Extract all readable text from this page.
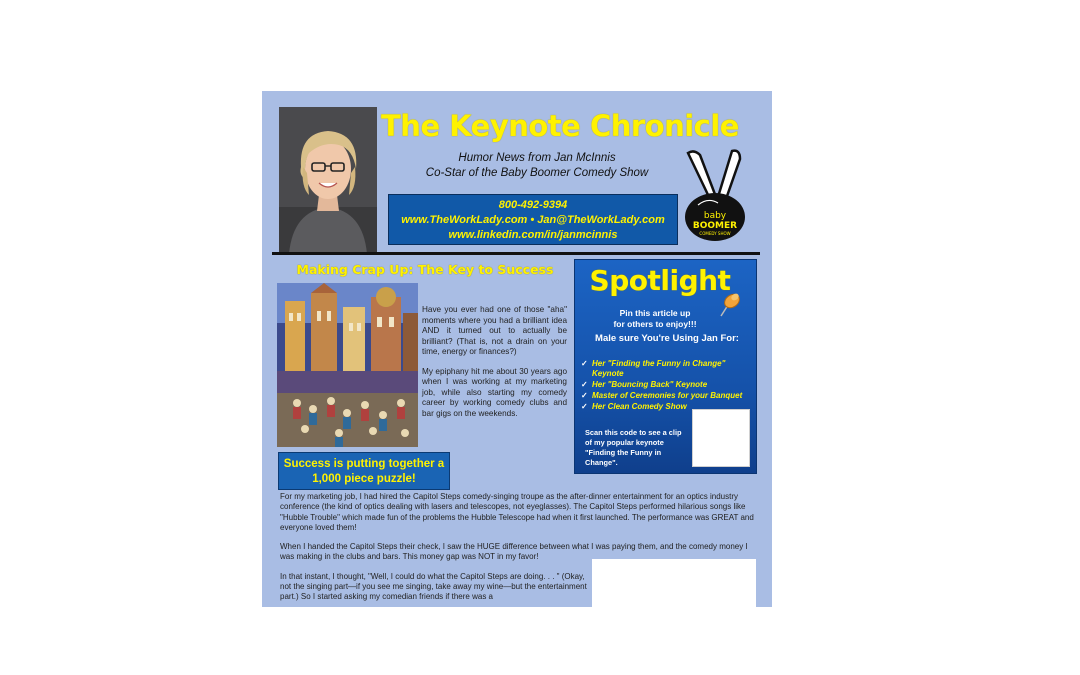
The Keynote Chronicle
Humor News from Jan McInnis
Co-Star of the Baby Boomer Comedy Show
800-492-9394
www.TheWorkLady.com • Jan@TheWorkLady.com
www.linkedin.com/in/janmcinnis
baby
BOOMER
COMEDY SHOW
Making Crap Up: The Key to Success

Have you ever had one of those "aha" moments where you had a brilliant idea AND it turned out to actually be brilliant? (That is, not a drain on your time, energy or finances?)

My epiphany hit me about 30 years ago when I was working at my marketing job, while also starting my comedy career by working comedy clubs and bar gigs on the weekends.

Success is putting together a
1,000 piece puzzle!
Spotlight
Pin this article up
for others to enjoy!!!
Male sure You're Using Jan For:
✓ Her "Finding the Funny in Change" Keynote
✓ Her "Bouncing Back" Keynote
✓ Master of Ceremonies for your Banquet
✓ Her Clean Comedy Show
Scan this code to see a clip of my popular keynote "Finding the Funny in Change".

For my marketing job, I had hired the Capitol Steps comedy-singing troupe as the after-dinner entertainment for an optics industry conference (the kind of optics dealing with lasers and telescopes, not eyeglasses). The Capitol Steps performed hilarious songs like "Hubble Trouble" which made fun of the problems the Hubble Telescope had when it first launched. The performance was GREAT and everyone loved them!

When I handed the Capitol Steps their check, I saw the HUGE difference between what I was paying them, and the comedy money I was making in the clubs and bars. This money gap was NOT in my favor!

In that instant, I thought, "Well, I could do what the Capitol Steps are doing. . . " (Okay, not the singing part—if you see me singing, take away my wine—but the entertainment part.) So I started asking my comedian friends if there was a
